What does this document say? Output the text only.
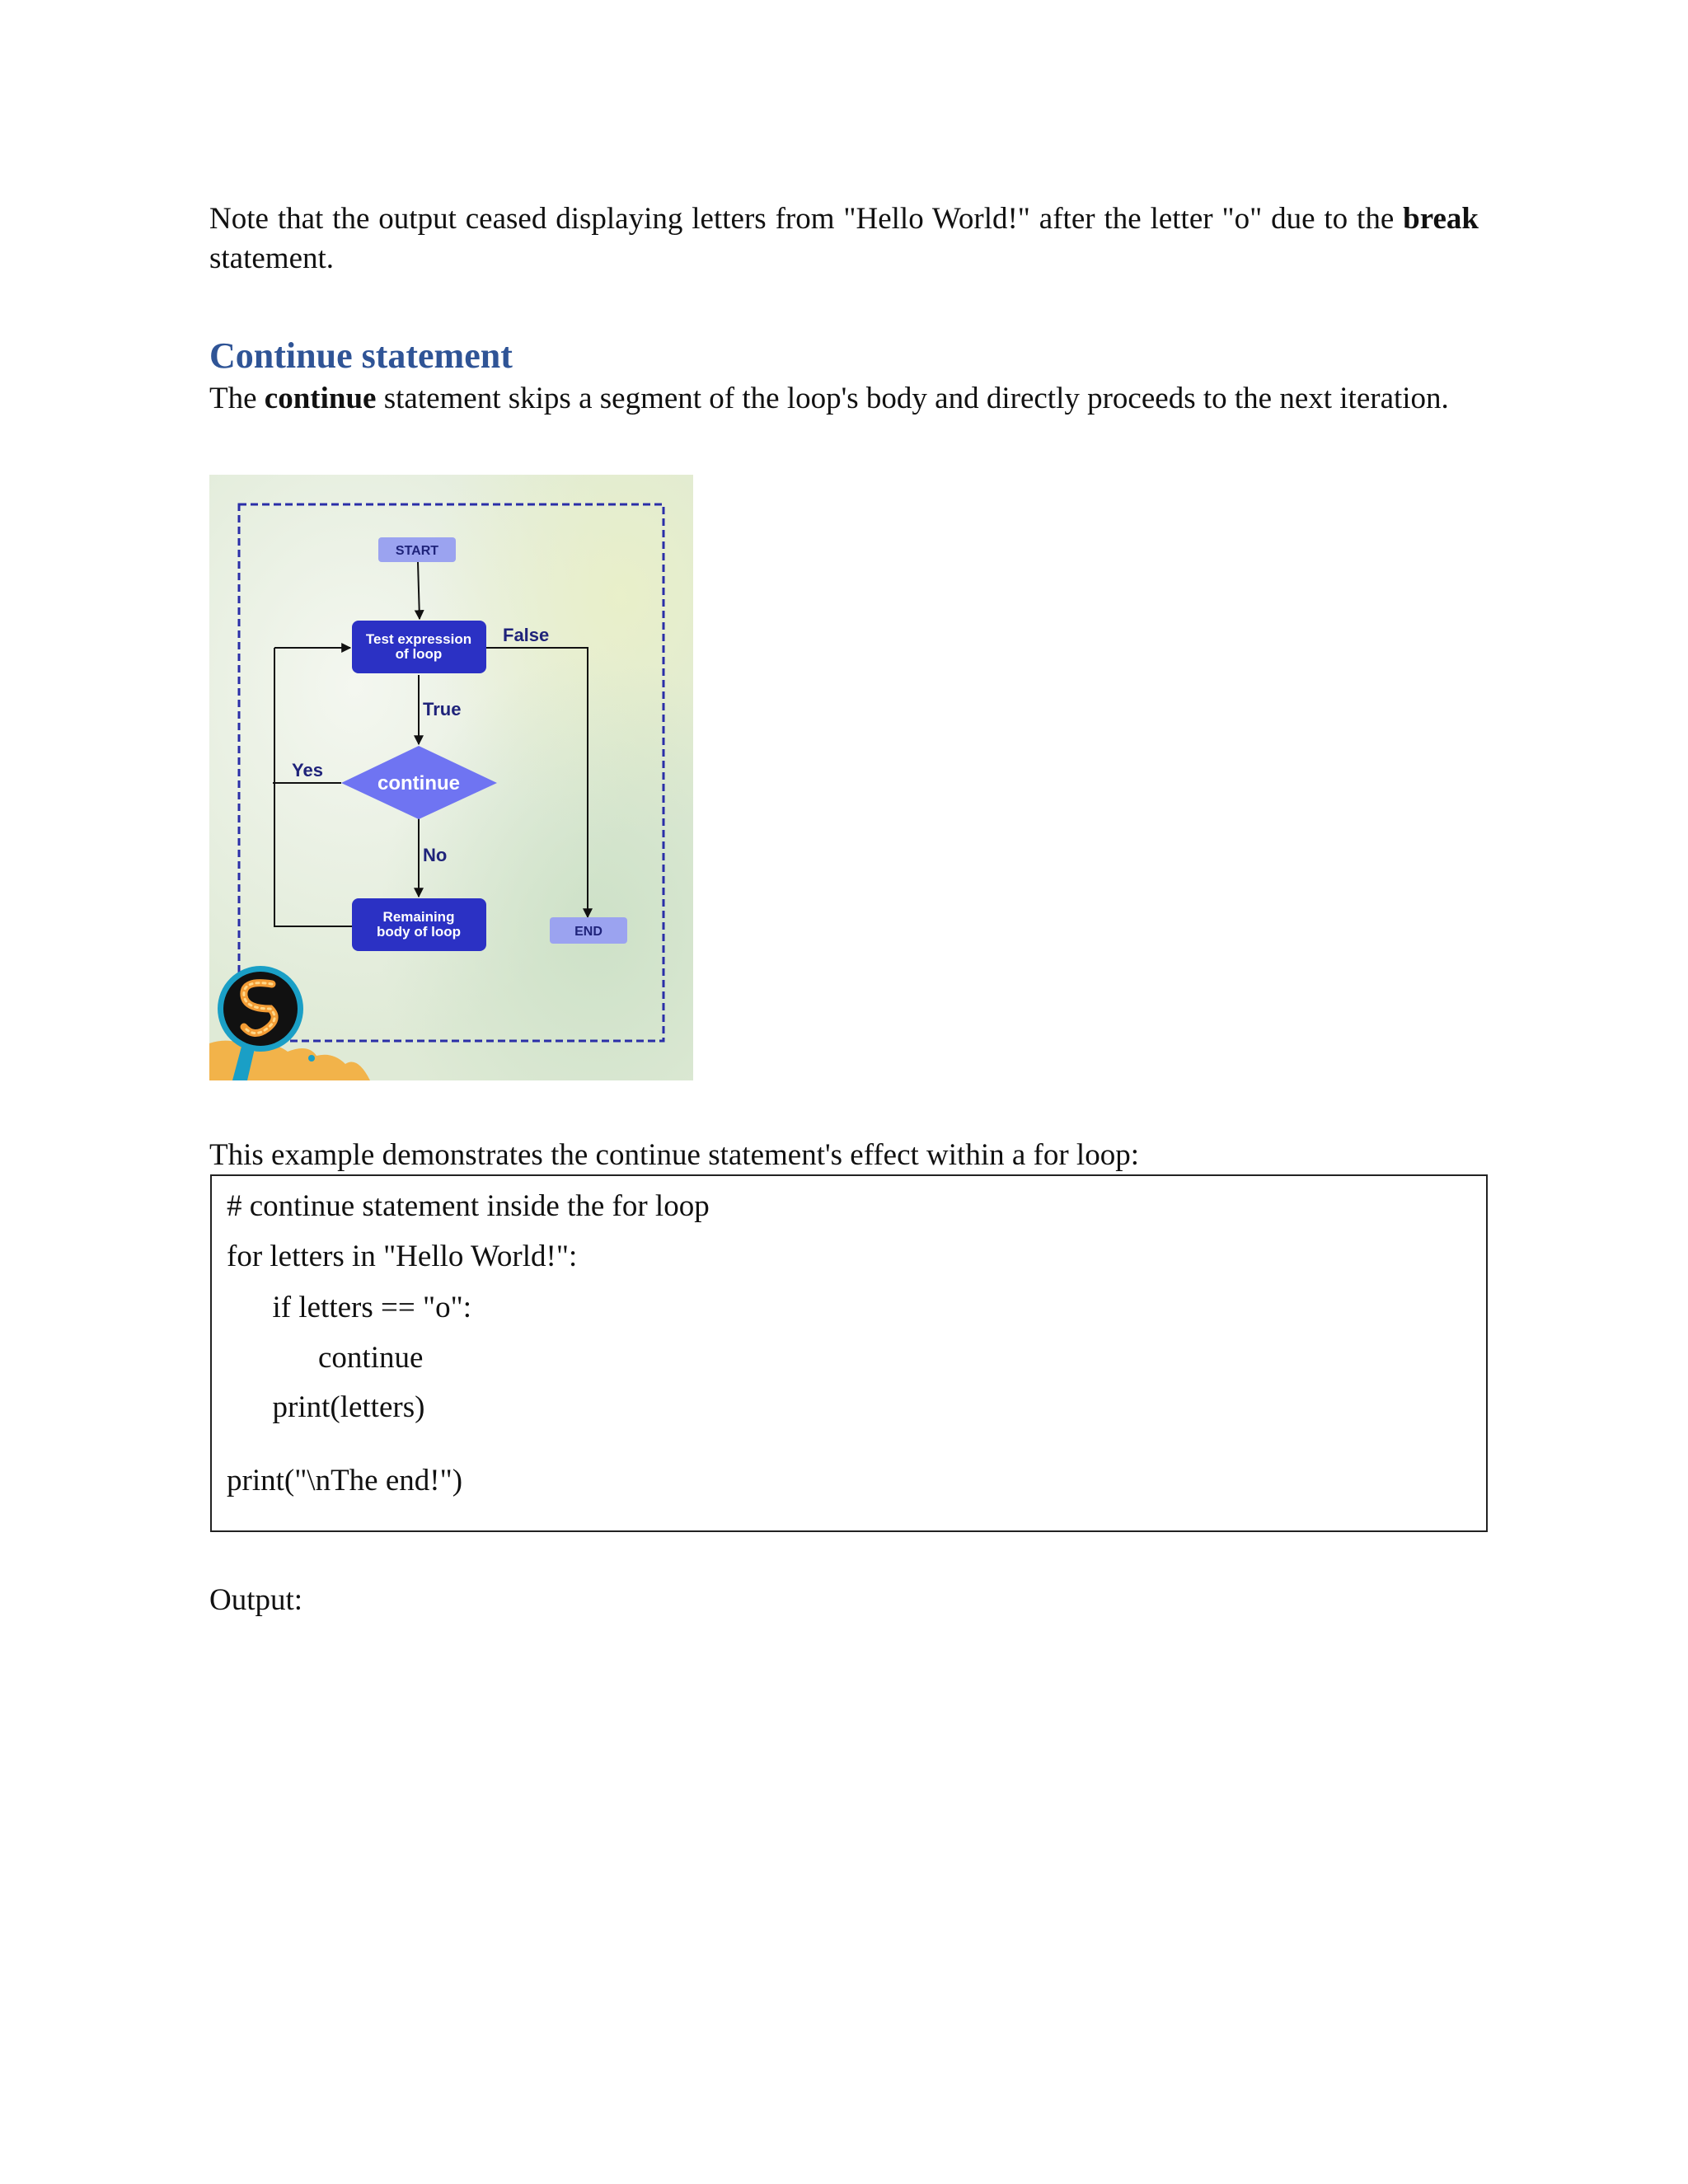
Note that the output ceased displaying letters from "Hello World!" after the letter "o" due to the break statement.

Continue statement

The continue statement skips a segment of the loop's body and directly proceeds to the next iteration.

START
Test expression
of loop
False
True
continue
Yes
No
Remaining
body of loop	END

This example demonstrates the continue statement's effect within a for loop:

# continue statement inside the for loop
for letters in "Hello World!":
if letters == "o":
continue
print(letters)
print("\nThe end!")

Output:
